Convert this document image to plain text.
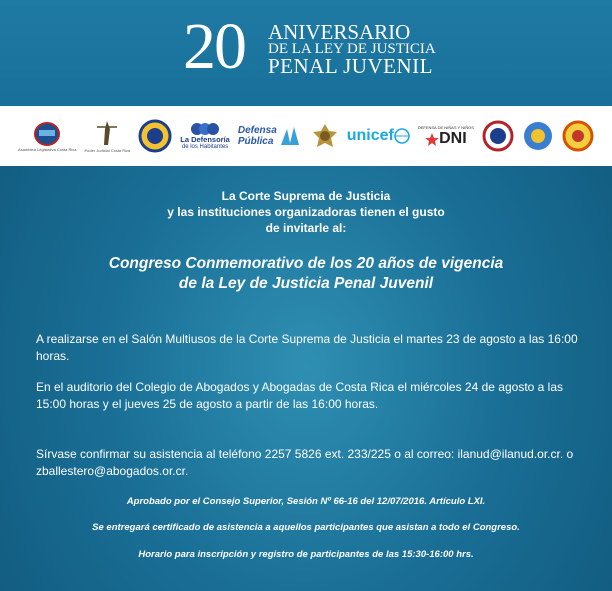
20 ANIVERSARIO
DE LA LEY DE JUSTICIA
PENAL JUVENIL
Asamblea Legislativa Costa Rica Poder Judicial Costa Rica
La Defensoría
de los Habitantes
Defensa
Pública	unicef	DEFENSA DE NIÑAS Y NIÑOS
DNI
La Corte Suprema de Justicia
y las instituciones organizadoras tienen el gusto
de invitarle al:
Congreso Conmemorativo de los 20 años de vigencia
de la Ley de Justicia Penal Juvenil
A realizarse en el Salón Multiusos de la Corte Suprema de Justicia el martes 23 de agosto a las 16:00 horas.
En el auditorio del Colegio de Abogados y Abogadas de Costa Rica el miércoles 24 de agosto a las 15:00 horas y el jueves 25 de agosto a partir de las 16:00 horas.
Sírvase confirmar su asistencia al teléfono 2257 5826 ext. 233/225 o al correo: ilanud@ilanud.or.cr. o zballestero@abogados.or.cr.
Aprobado por el Consejo Superior, Sesión Nº 66-16 del 12/07/2016. Artículo LXI.
Se entregará certificado de asistencia a aquellos participantes que asistan a todo el Congreso.
Horario para inscripción y registro de participantes de las 15:30-16:00 hrs.
